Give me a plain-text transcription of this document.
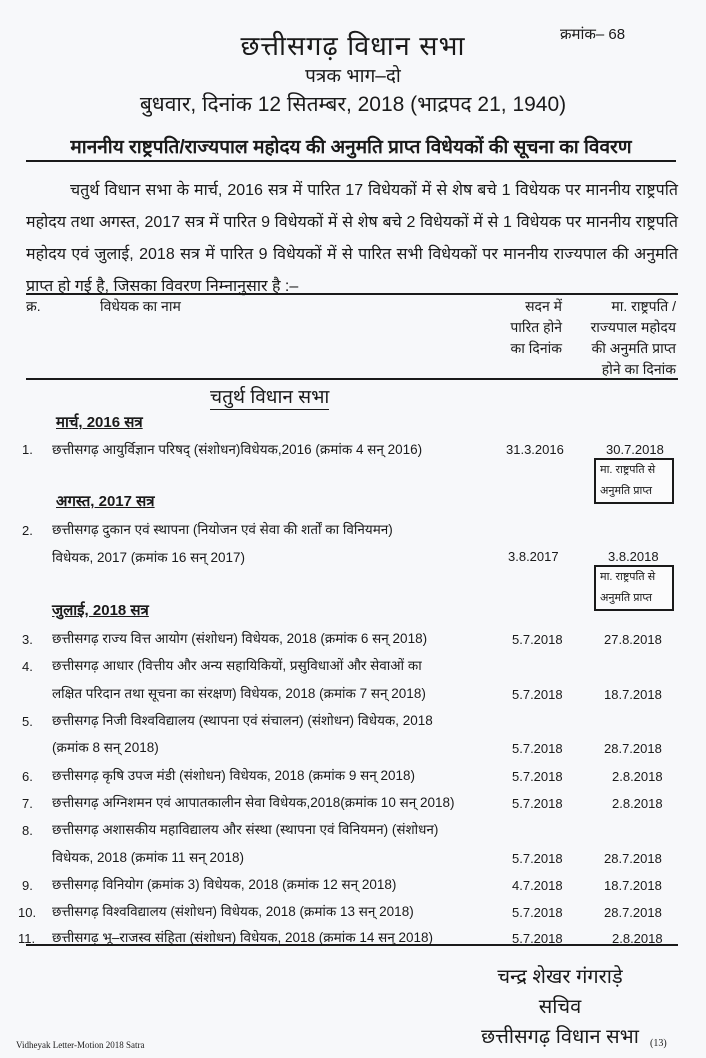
छत्तीसगढ़ विधान सभा	क्रमांक– 68
पत्रक भाग–दो
बुधवार, दिनांक 12 सितम्बर, 2018 (भाद्रपद 21, 1940)
माननीय राष्ट्रपति/राज्यपाल महोदय की अनुमति प्राप्त विधेयकों की सूचना का विवरण
चतुर्थ विधान सभा के मार्च, 2016 सत्र में पारित 17 विधेयकों में से शेष बचे 1 विधेयक पर माननीय राष्ट्रपति महोदय तथा अगस्त, 2017 सत्र में पारित 9 विधेयकों में से शेष बचे 2 विधेयकों में से 1 विधेयक पर माननीय राष्ट्रपति महोदय एवं जुलाई, 2018 सत्र में पारित 9 विधेयकों में से पारित सभी विधेयकों पर माननीय राज्यपाल की अनुमति प्राप्त हो गई है, जिसका विवरण निम्नानुसार है :–
क्र.	विधेयक का नाम	सदन में
पारित होने
का दिनांक
मा. राष्ट्रपति /
राज्यपाल महोदय
की अनुमति प्राप्त
होने का दिनांक
चतुर्थ विधान सभा
मार्च, 2016 सत्र
1. छत्तीसगढ़ आयुर्विज्ञान परिषद् (संशोधन)विधेयक,2016 (क्रमांक 4 सन् 2016)	31.3.2016	30.7.2018
मा. राष्ट्रपति से
अनुमति प्राप्त
अगस्त, 2017 सत्र
2. छत्तीसगढ़ दुकान एवं स्थापना (नियोजन एवं सेवा की शर्तों का विनियमन)
विधेयक, 2017 (क्रमांक 16 सन् 2017)	3.8.2017	3.8.2018
मा. राष्ट्रपति से
अनुमति प्राप्त
जुलाई, 2018 सत्र
3. छत्तीसगढ़ राज्य वित्त आयोग (संशोधन) विधेयक, 2018 (क्रमांक 6 सन् 2018)	5.7.2018	27.8.2018
4. छत्तीसगढ़ आधार (वित्तीय और अन्य सहायिकियों, प्रसुविधाओं और सेवाओं का
लक्षित परिदान तथा सूचना का संरक्षण) विधेयक, 2018 (क्रमांक 7 सन् 2018)	5.7.2018	18.7.2018
5. छत्तीसगढ़ निजी विश्वविद्यालय (स्थापना एवं संचालन) (संशोधन) विधेयक, 2018
(क्रमांक 8 सन् 2018)	5.7.2018	28.7.2018
6. छत्तीसगढ़ कृषि उपज मंडी (संशोधन) विधेयक, 2018 (क्रमांक 9 सन् 2018)	5.7.2018	2.8.2018
7. छत्तीसगढ़ अग्निशमन एवं आपातकालीन सेवा विधेयक,2018(क्रमांक 10 सन् 2018)	5.7.2018	2.8.2018
8. छत्तीसगढ़ अशासकीय महाविद्यालय और संस्था (स्थापना एवं विनियमन) (संशोधन)
विधेयक, 2018 (क्रमांक 11 सन् 2018)	5.7.2018	28.7.2018
9. छत्तीसगढ़ विनियोग (क्रमांक 3) विधेयक, 2018 (क्रमांक 12 सन् 2018)	4.7.2018	18.7.2018
10. छत्तीसगढ़ विश्वविद्यालय (संशोधन) विधेयक, 2018 (क्रमांक 13 सन् 2018)	5.7.2018	28.7.2018
11. छत्तीसगढ़ भू–राजस्व संहिता (संशोधन) विधेयक, 2018 (क्रमांक 14 सन् 2018)	5.7.2018	2.8.2018
चन्द्र शेखर गंगराड़े
सचिव
छत्तीसगढ़ विधान सभा
Vidheyak Letter-Motion 2018 Satra	(13)
